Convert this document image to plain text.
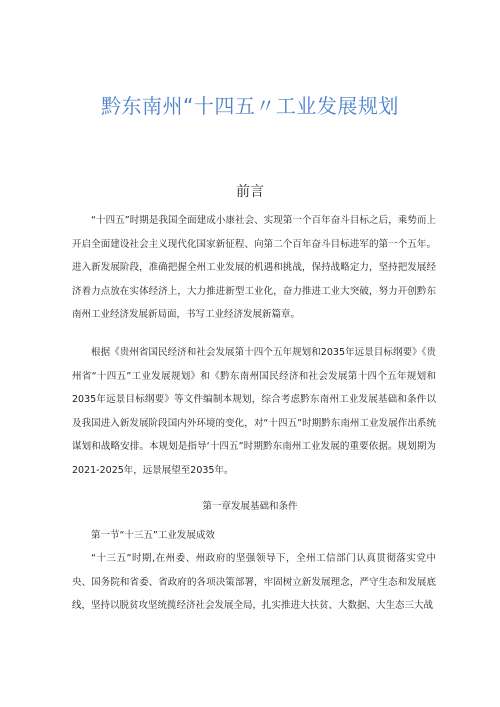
黔东南州“十四五〃工业发展规划
前言

“十四五”时期是我国全面建成小康社会、实现第一个百年奋斗目标之后，乘势而上开启全面建设社会主义现代化国家新征程、向第二个百年奋斗目标进军的第一个五年。进入新发展阶段，准确把握全州工业发展的机遇和挑战，保持战略定力，坚持把发展经济着力点放在实体经济上，大力推进新型工业化，奋力推进工业大突破，努力开创黔东南州工业经济发展新局面，书写工业经济发展新篇章。

根据《贵州省国民经济和社会发展第十四个五年规划和2035年远景目标纲要》《贵州省“十四五”工业发展规划》和《黔东南州国民经济和社会发展第十四个五年规划和2035年远景目标纲要》等文件编制本规划，综合考虑黔东南州工业发展基础和条件以及我国进入新发展阶段国内外环境的变化，对“十四五”时期黔东南州工业发展作出系统谋划和战略安排。本规划是指导‘十四五”时期黔东南州工业发展的重要依据。规划期为2021-2025年，远景展望至2035年。

第一章发展基础和条件
第一节“十三五”工业发展成效

“十三五”时期,在州委、州政府的坚强领导下，全州工信部门认真贯彻落实党中央、国务院和省委、省政府的各项决策部署，牢固树立新发展理念，严守生态和发展底线，坚持以脱贫攻坚统揽经济社会发展全局，扎实推进大扶贫、大数据、大生态三大战
